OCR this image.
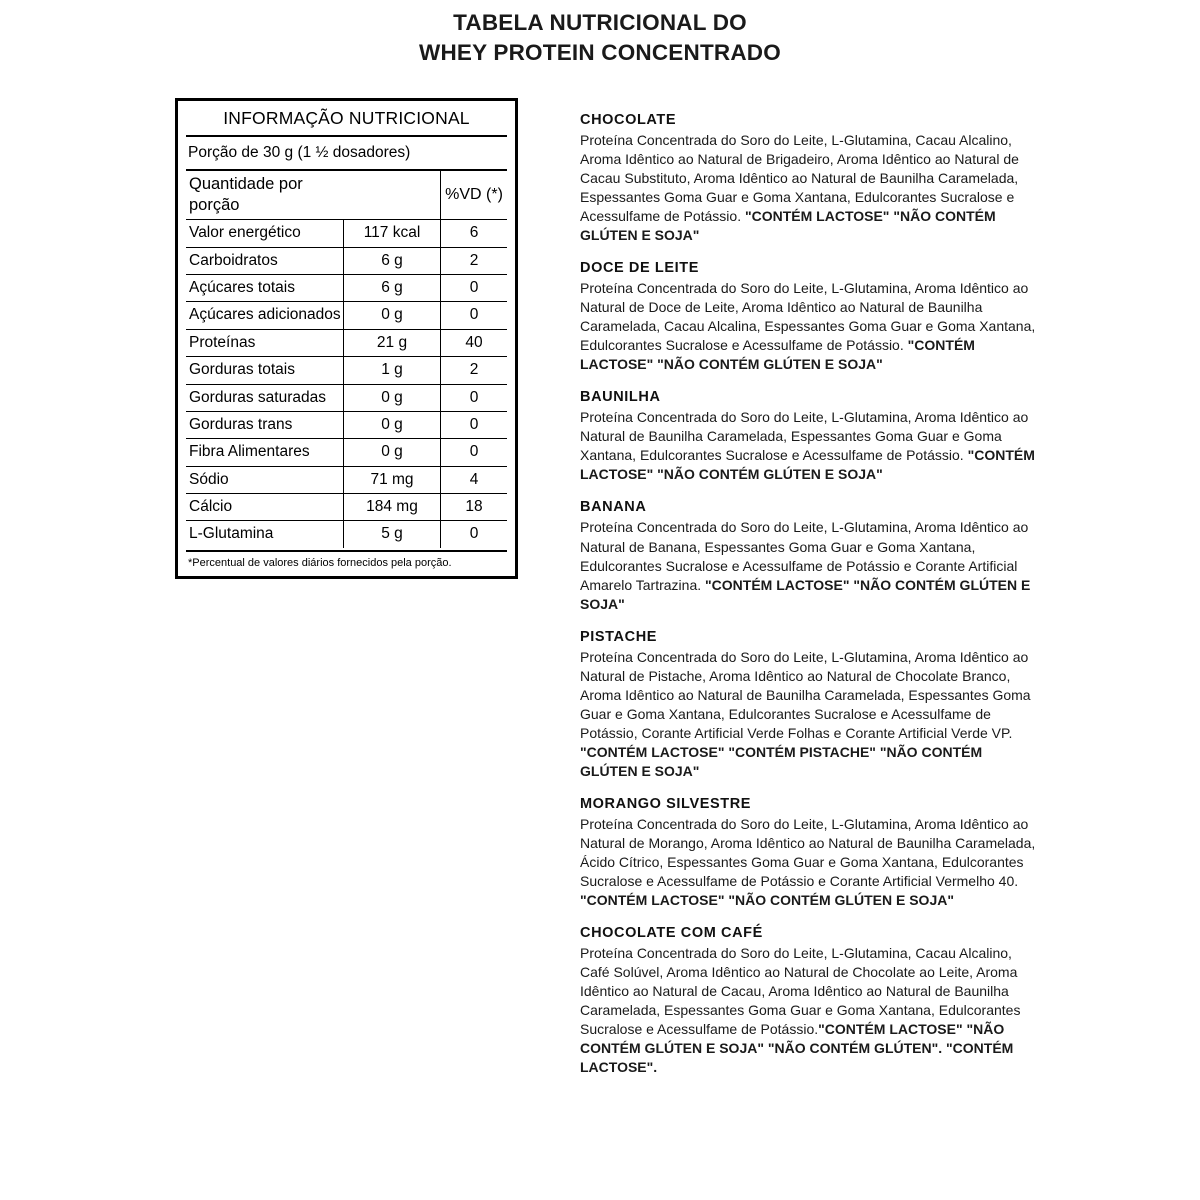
TABELA NUTRICIONAL DO
WHEY PROTEIN CONCENTRADO
INFORMAÇÃO NUTRICIONAL
Porção de 30 g (1 ½ dosadores)
Quantidade por porção		%VD (*)
Valor energético	117 kcal	6
Carboidratos	6 g	2
Açúcares totais	6 g	0
Açúcares adicionados	0 g	0
Proteínas	21 g	40
Gorduras totais	1 g	2
Gorduras saturadas	0 g	0
Gorduras trans	0 g	0
Fibra Alimentares	0 g	0
Sódio	71 mg	4
Cálcio	184 mg	18
L-Glutamina	5 g	0
*Percentual de valores diários fornecidos pela porção.
CHOCOLATE
Proteína Concentrada do Soro do Leite, L-Glutamina, Cacau Alcalino, Aroma Idêntico ao Natural de Brigadeiro, Aroma Idêntico ao Natural de Cacau Substituto, Aroma Idêntico ao Natural de Baunilha Caramelada, Espessantes Goma Guar e Goma Xantana, Edulcorantes Sucralose e Acessulfame de Potássio. "CONTÉM LACTOSE" "NÃO CONTÉM GLÚTEN E SOJA"
DOCE DE LEITE
Proteína Concentrada do Soro do Leite, L-Glutamina, Aroma Idêntico ao Natural de Doce de Leite, Aroma Idêntico ao Natural de Baunilha Caramelada, Cacau Alcalina, Espessantes Goma Guar e Goma Xantana, Edulcorantes Sucralose e Acessulfame de Potássio. "CONTÉM LACTOSE" "NÃO CONTÉM GLÚTEN E SOJA"
BAUNILHA
Proteína Concentrada do Soro do Leite, L-Glutamina, Aroma Idêntico ao Natural de Baunilha Caramelada, Espessantes Goma Guar e Goma Xantana, Edulcorantes Sucralose e Acessulfame de Potássio. "CONTÉM LACTOSE" "NÃO CONTÉM GLÚTEN E SOJA"
BANANA
Proteína Concentrada do Soro do Leite, L-Glutamina, Aroma Idêntico ao Natural de Banana, Espessantes Goma Guar e Goma Xantana, Edulcorantes Sucralose e Acessulfame de Potássio e Corante Artificial Amarelo Tartrazina. "CONTÉM LACTOSE" "NÃO CONTÉM GLÚTEN E SOJA"
PISTACHE
Proteína Concentrada do Soro do Leite, L-Glutamina, Aroma Idêntico ao Natural de Pistache, Aroma Idêntico ao Natural de Chocolate Branco, Aroma Idêntico ao Natural de Baunilha Caramelada, Espessantes Goma Guar e Goma Xantana, Edulcorantes Sucralose e Acessulfame de Potássio, Corante Artificial Verde Folhas e Corante Artificial Verde VP. "CONTÉM LACTOSE" "CONTÉM PISTACHE" "NÃO CONTÉM GLÚTEN E SOJA"
MORANGO SILVESTRE
Proteína Concentrada do Soro do Leite, L-Glutamina, Aroma Idêntico ao Natural de Morango, Aroma Idêntico ao Natural de Baunilha Caramelada, Ácido Cítrico, Espessantes Goma Guar e Goma Xantana, Edulcorantes Sucralose e Acessulfame de Potássio e Corante Artificial Vermelho 40. "CONTÉM LACTOSE" "NÃO CONTÉM GLÚTEN E SOJA"
CHOCOLATE COM CAFÉ
Proteína Concentrada do Soro do Leite, L-Glutamina, Cacau Alcalino, Café Solúvel, Aroma Idêntico ao Natural de Chocolate ao Leite, Aroma Idêntico ao Natural de Cacau, Aroma Idêntico ao Natural de Baunilha Caramelada, Espessantes Goma Guar e Goma Xantana, Edulcorantes Sucralose e Acessulfame de Potássio."CONTÉM LACTOSE" "NÃO CONTÉM GLÚTEN E SOJA" "NÃO CONTÉM GLÚTEN". "CONTÉM LACTOSE".
